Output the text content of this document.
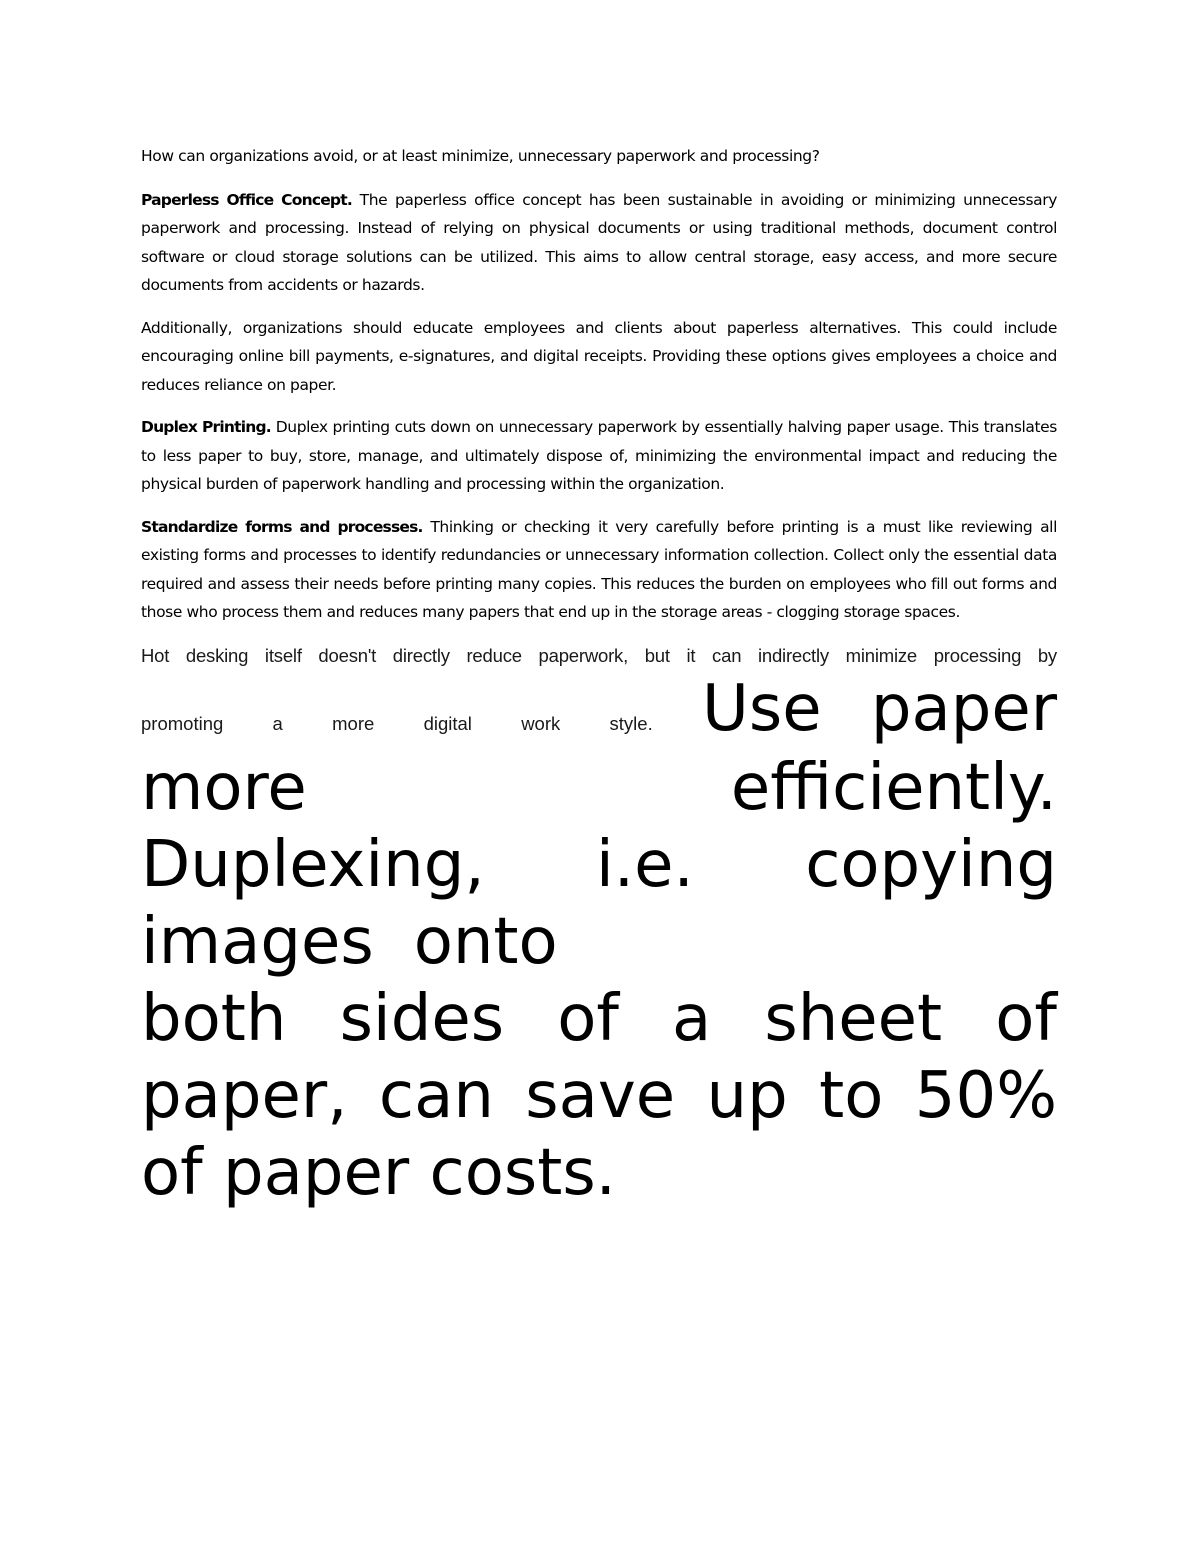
How can organizations avoid, or at least minimize, unnecessary paperwork and processing?

Paperless Office Concept. The paperless office concept has been sustainable in avoiding or minimizing unnecessary paperwork and processing. Instead of relying on physical documents or using traditional methods, document control software or cloud storage solutions can be utilized. This aims to allow central storage, easy access, and more secure documents from accidents or hazards.

Additionally, organizations should educate employees and clients about paperless alternatives. This could include encouraging online bill payments, e-signatures, and digital receipts. Providing these options gives employees a choice and reduces reliance on paper.

Duplex Printing. Duplex printing cuts down on unnecessary paperwork by essentially halving paper usage. This translates to less paper to buy, store, manage, and ultimately dispose of, minimizing the environmental impact and reducing the physical burden of paperwork handling and processing within the organization.

Standardize forms and processes. Thinking or checking it very carefully before printing is a must like reviewing all existing forms and processes to identify redundancies or unnecessary information collection. Collect only the essential data required and assess their needs before printing many copies. This reduces the burden on employees who fill out forms and those who process them and reduces many papers that end up in the storage areas - clogging storage spaces.

Hot desking itself doesn't directly reduce paperwork, but it can indirectly minimize processing by

promoting	a	more	digital	work	style. Use paper
more	efficiently.
Duplexing, i.e. copying
images onto
both sides of a sheet of
paper, can save up to 50%
of paper costs.
